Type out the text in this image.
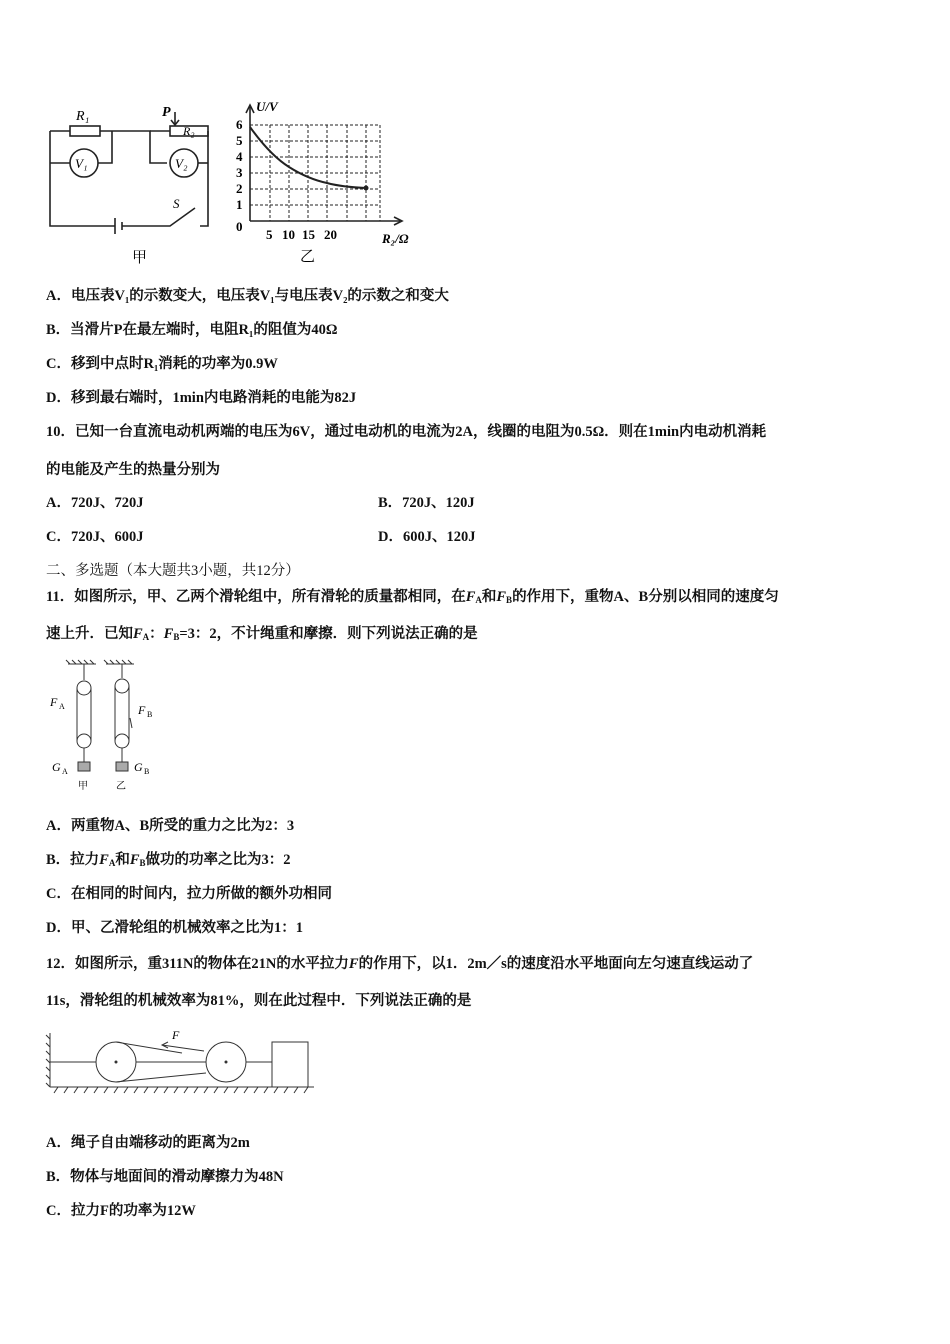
R₁	P
R₂
V₁	V₂
S
甲
U/V
R₂/Ω
6
5
4
3
2
1
0
5 10 15 20
乙
A．电压表V₁的示数变大，电压表V₁与电压表V₂的示数之和变大
B．当滑片P在最左端时，电阻R₁的阻值为40Ω
C．移到中点时R₁消耗的功率为0.9W
D．移到最右端时，1min内电路消耗的电能为82J
10．已知一台直流电动机两端的电压为6V，通过电动机的电流为2A，线圈的电阻为0.5Ω．则在1min内电动机消耗
的电能及产生的热量分别为
A．720J、720J	B．720J、120J
C．720J、600J	D．600J、120J
二、多选题（本大题共3小题，共12分）
11．如图所示，甲、乙两个滑轮组中，所有滑轮的质量都相同，在$F_A$和$F_B$的作用下，重物A、B分别以相同的速度匀
速上升．已知$F_A$：$F_B=3$：2，不计绳重和摩擦．则下列说法正确的是
F A	F B
G A	G B
甲	乙
A．两重物A、B所受的重力之比为2：3
B．拉力$F_A$和$F_B$做功的功率之比为3：2
C．在相同的时间内，拉力所做的额外功相同
D．甲、乙滑轮组的机械效率之比为1：1
12．如图所示，重311N的物体在21N的水平拉力F的作用下，以1．2m／s的速度沿水平地面向左匀速直线运动了
11s，滑轮组的机械效率为81%，则在此过程中．下列说法正确的是
F
A．绳子自由端移动的距离为2m
B．物体与地面间的滑动摩擦力为48N
C．拉力F的功率为12W
